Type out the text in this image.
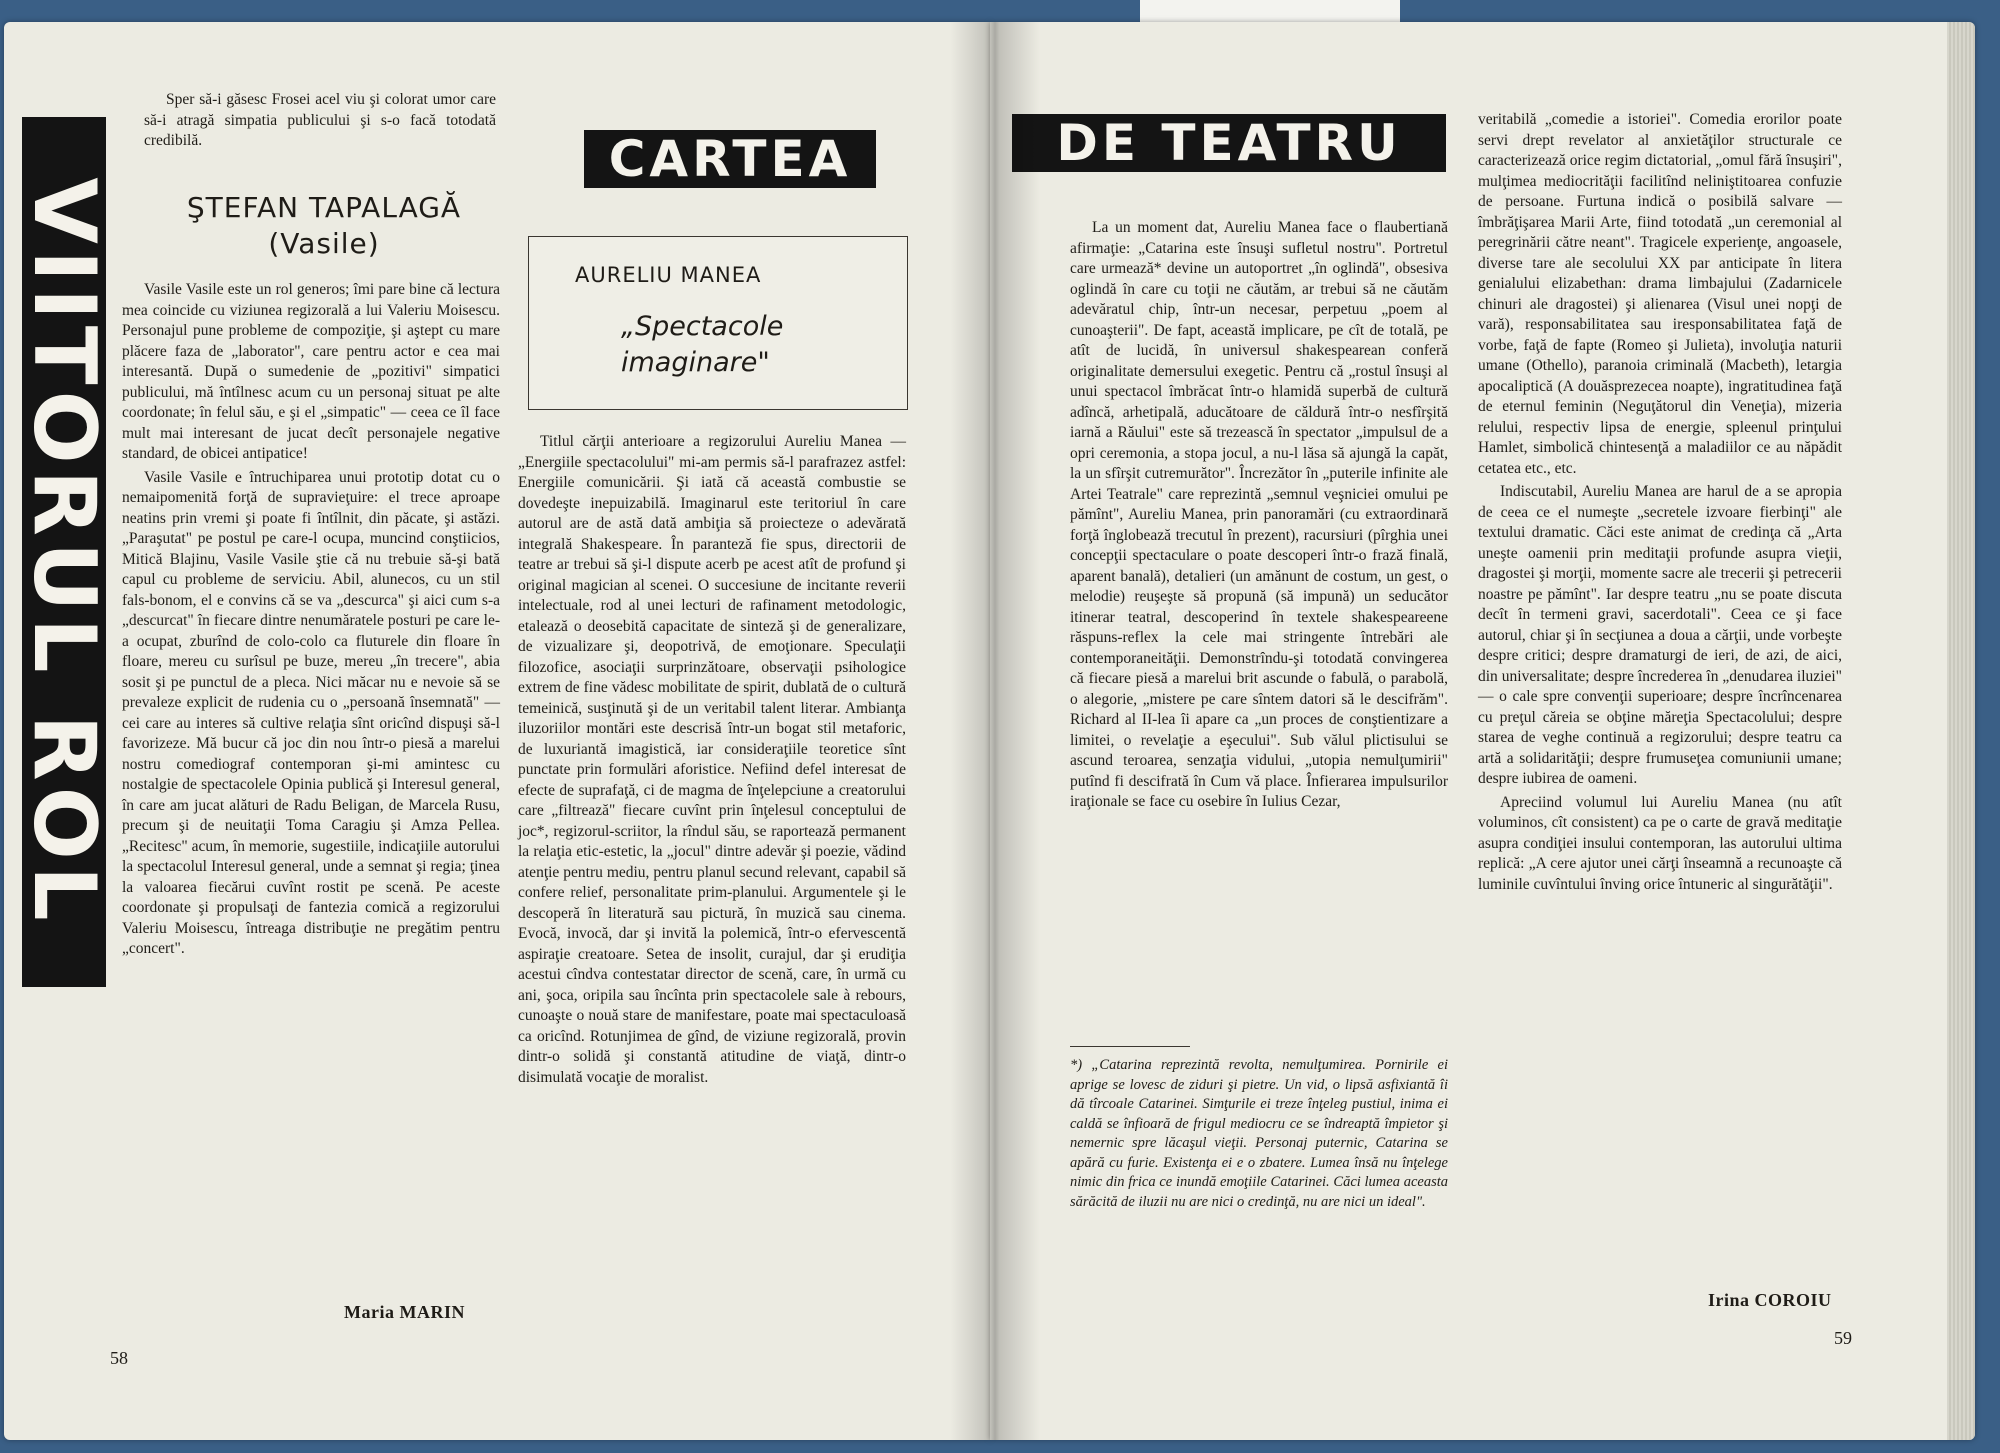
VIITORUL ROL

Sper să-i găsesc Frosei acel viu şi colorat umor care să-i atragă simpatia publicului şi s-o facă totodată credibilă.

ŞTEFAN TAPALAGĂ
(Vasile)

Vasile Vasile este un rol generos; îmi pare bine că lectura mea coincide cu viziunea regizorală a lui Valeriu Moisescu. Personajul pune probleme de compoziţie, şi aştept cu mare plăcere faza de „laborator", care pentru actor e cea mai interesantă. După o sumedenie de „pozitivi" simpatici publicului, mă întîlnesc acum cu un personaj situat pe alte coordonate; în felul său, e şi el „simpatic" — ceea ce îl face mult mai interesant de jucat decît personajele negative standard, de obicei antipatice!

Vasile Vasile e întruchiparea unui prototip dotat cu o nemaipomenită forţă de supravieţuire: el trece aproape neatins prin vremi şi poate fi întîlnit, din păcate, şi astăzi. „Paraşutat" pe postul pe care-l ocupa, muncind conştiicios, Mitică Blajinu, Vasile Vasile ştie că nu trebuie să-şi bată capul cu probleme de serviciu. Abil, alunecos, cu un stil fals-bonom, el e convins că se va „descurca" şi aici cum s-a „descurcat" în fiecare dintre nenumăratele posturi pe care le-a ocupat, zburînd de colo-colo ca fluturele din floare în floare, mereu cu surîsul pe buze, mereu „în trecere", abia sosit şi pe punctul de a pleca. Nici măcar nu e nevoie să se prevaleze explicit de rudenia cu o „persoană însemnată" — cei care au interes să cultive relaţia sînt oricînd dispuşi să-l favorizeze. Mă bucur că joc din nou într-o piesă a marelui nostru comediograf contemporan şi-mi amintesc cu nostalgie de spectacolele Opinia publică şi Interesul general, în care am jucat alături de Radu Beligan, de Marcela Rusu, precum şi de neuitaţii Toma Caragiu şi Amza Pellea. „Recitesc" acum, în memorie, sugestiile, indicaţiile autorului la spectacolul Interesul general, unde a semnat şi regia; ţinea la valoarea fiecărui cuvînt rostit pe scenă. Pe aceste coordonate şi propulsaţi de fantezia comică a regizorului Valeriu Moisescu, întreaga distribuţie ne pregătim pentru „concert".

Maria MARIN
58
CARTEA
AURELIU MANEA
„Spectacole imaginare"

Titlul cărţii anterioare a regizorului Aureliu Manea — „Energiile spectacolului" mi-am permis să-l parafrazez astfel: Energiile comunicării. Şi iată că această combustie se dovedeşte inepuizabilă. Imaginarul este teritoriul în care autorul are de astă dată ambiţia să proiecteze o adevărată integrală Shakespeare. În paranteză fie spus, directorii de teatre ar trebui să şi-l dispute acerb pe acest atît de profund şi original magician al scenei. O succesiune de incitante reverii intelectuale, rod al unei lecturi de rafinament metodologic, etalează o deosebită capacitate de sinteză şi de generalizare, de vizualizare şi, deopotrivă, de emoţionare. Speculaţii filozofice, asociaţii surprinzătoare, observaţii psihologice extrem de fine vădesc mobilitate de spirit, dublată de o cultură temeinică, susţinută şi de un veritabil talent literar. Ambianţa iluzoriilor montări este descrisă într-un bogat stil metaforic, de luxuriantă imagistică, iar consideraţiile teoretice sînt punctate prin formulări aforistice. Nefiind defel interesat de efecte de suprafaţă, ci de magma de înţelepciune a creatorului care „filtrează" fiecare cuvînt prin înţelesul conceptului de joc*, regizorul-scriitor, la rîndul său, se raportează permanent la relaţia etic-estetic, la „jocul" dintre adevăr şi poezie, vădind atenţie pentru mediu, pentru planul secund relevant, capabil să confere relief, personalitate prim-planului. Argumentele şi le descoperă în literatură sau pictură, în muzică sau cinema. Evocă, invocă, dar şi invită la polemică, într-o efervescentă aspiraţie creatoare. Setea de insolit, curajul, dar şi erudiţia acestui cîndva contestatar director de scenă, care, în urmă cu ani, şoca, oripila sau încînta prin spectacolele sale à rebours, cunoaşte o nouă stare de manifestare, poate mai spectaculoasă ca oricînd. Rotunjimea de gînd, de viziune regizorală, provin dintr-o solidă şi constantă atitudine de viaţă, dintr-o disimulată vocaţie de moralist.

DE TEATRU

La un moment dat, Aureliu Manea face o flaubertiană afirmaţie: „Catarina este însuşi sufletul nostru". Portretul care urmează* devine un autoportret „în oglindă", obsesiva oglindă în care cu toţii ne căutăm, ar trebui să ne căutăm adevăratul chip, într-un necesar, perpetuu „poem al cunoaşterii". De fapt, această implicare, pe cît de totală, pe atît de lucidă, în universul shakespearean conferă originalitate demersului exegetic. Pentru că „rostul însuşi al unui spectacol îmbrăcat într-o hlamidă superbă de cultură adîncă, arhetipală, aducătoare de căldură într-o nesfîrşită iarnă a Răului" este să trezească în spectator „impulsul de a opri ceremonia, a stopa jocul, a nu-l lăsa să ajungă la capăt, la un sfîrşit cutremurător". Încrezător în „puterile infinite ale Artei Teatrale" care reprezintă „semnul veşniciei omului pe pămînt", Aureliu Manea, prin panoramări (cu extraordinară forţă înglobează trecutul în prezent), racursiuri (pîrghia unei concepţii spectaculare o poate descoperi într-o frază finală, aparent banală), detalieri (un amănunt de costum, un gest, o melodie) reuşeşte să propună (să impună) un seducător itinerar teatral, descoperind în textele shakespeareene răspuns-reflex la cele mai stringente întrebări ale contemporaneităţii. Demonstrîndu-şi totodată convingerea că fiecare piesă a marelui brit ascunde o fabulă, o parabolă, o alegorie, „mistere pe care sîntem datori să le descifrăm". Richard al II-lea îi apare ca „un proces de conştientizare a limitei, o revelaţie a eşecului". Sub vălul plictisului se ascund teroarea, senzaţia vidului, „utopia nemulţumirii" putînd fi descifrată în Cum vă place. Înfierarea impulsurilor iraţionale se face cu osebire în Iulius Cezar,

*) „Catarina reprezintă revolta, nemulţumirea. Pornirile ei aprige se lovesc de ziduri şi pietre. Un vid, o lipsă asfixiantă îi dă tîrcoale Catarinei. Simţurile ei treze înţeleg pustiul, inima ei caldă se înfioară de frigul mediocru ce se îndreaptă împietor şi nemernic spre lăcaşul vieţii. Personaj puternic, Catarina se apără cu furie. Existenţa ei e o zbatere. Lumea însă nu înţelege nimic din frica ce inundă emoţiile Catarinei. Căci lumea aceasta sărăcită de iluzii nu are nici o credinţă, nu are nici un ideal".

veritabilă „comedie a istoriei". Comedia erorilor poate servi drept revelator al anxietăţilor structurale ce caracterizează orice regim dictatorial, „omul fără însuşiri", mulţimea mediocrităţii facilitînd neliniştitoarea confuzie de persoane. Furtuna indică o posibilă salvare — îmbrăţişarea Marii Arte, fiind totodată „un ceremonial al peregrinării către neant". Tragicele experienţe, angoasele, diverse tare ale secolului XX par anticipate în litera genialului elizabethan: drama limbajului (Zadarnicele chinuri ale dragostei) şi alienarea (Visul unei nopţi de vară), responsabilitatea sau iresponsabilitatea faţă de vorbe, faţă de fapte (Romeo şi Julieta), involuţia naturii umane (Othello), paranoia criminală (Macbeth), letargia apocaliptică (A douăsprezecea noapte), ingratitudinea faţă de eternul feminin (Neguţătorul din Veneţia), mizeria relului, respectiv lipsa de energie, spleenul prinţului Hamlet, simbolică chintesenţă a maladiilor ce au năpădit cetatea etc., etc.

Indiscutabil, Aureliu Manea are harul de a se apropia de ceea ce el numeşte „secretele izvoare fierbinţi" ale textului dramatic. Căci este animat de credinţa că „Arta uneşte oamenii prin meditaţii profunde asupra vieţii, dragostei şi morţii, momente sacre ale trecerii şi petrecerii noastre pe pămînt". Iar despre teatru „nu se poate discuta decît în termeni gravi, sacerdotali". Ceea ce şi face autorul, chiar şi în secţiunea a doua a cărţii, unde vorbeşte despre critici; despre dramaturgi de ieri, de azi, de aici, din universalitate; despre încrederea în „denudarea iluziei" — o cale spre convenţii superioare; despre încrîncenarea cu preţul căreia se obţine măreţia Spectacolului; despre starea de veghe continuă a regizorului; despre teatru ca artă a solidarităţii; despre frumuseţea comuniunii umane; despre iubirea de oameni.

Apreciind volumul lui Aureliu Manea (nu atît voluminos, cît consistent) ca pe o carte de gravă meditaţie asupra condiţiei insului contemporan, las autorului ultima replică: „A cere ajutor unei cărţi înseamnă a recunoaşte că luminile cuvîntului înving orice întuneric al singurătăţii".

Irina COROIU
59
